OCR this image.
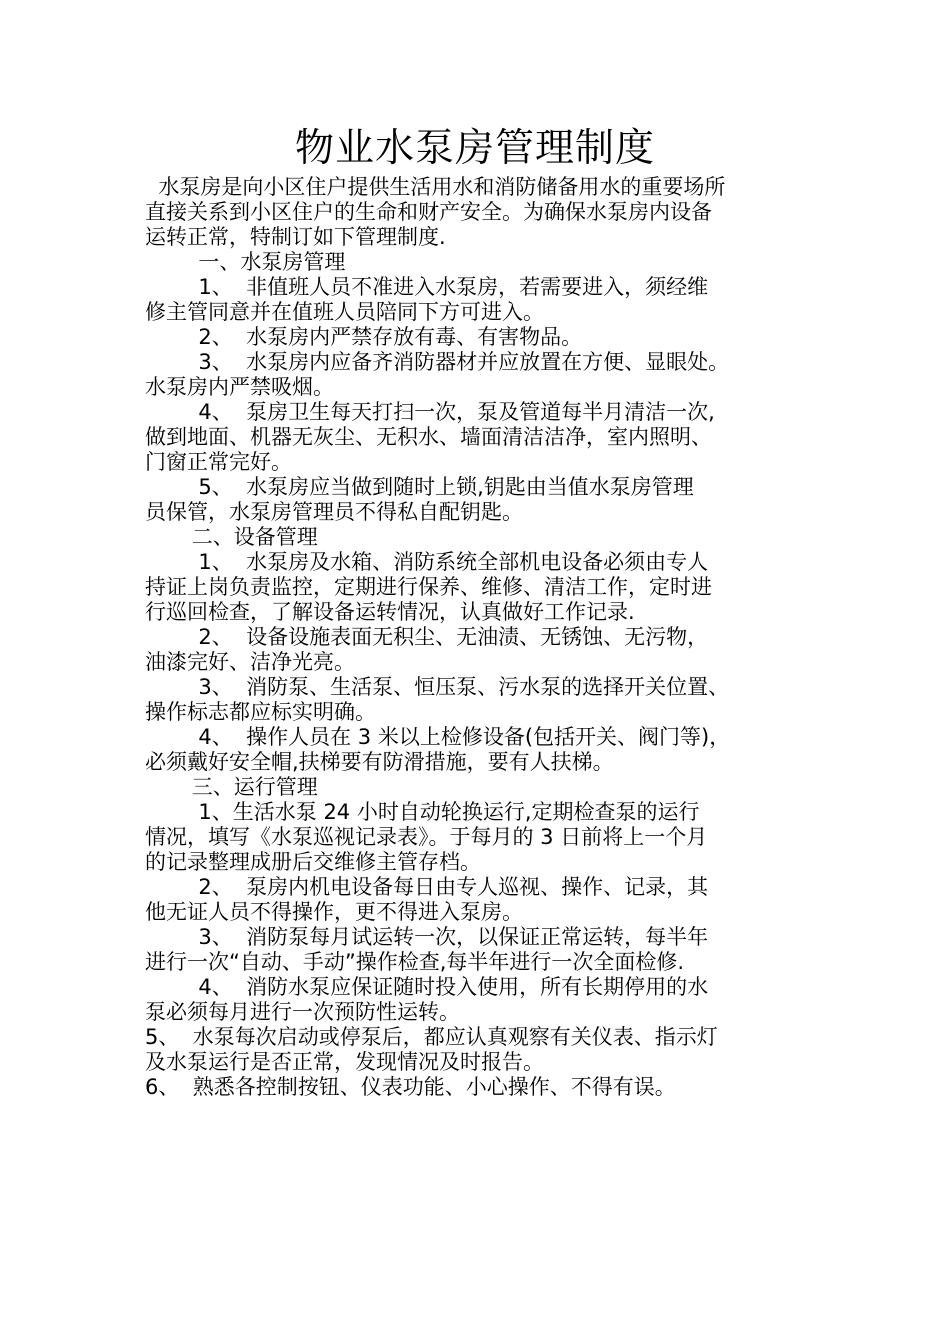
物业水泵房管理制度
水泵房是向小区住户提供生活用水和消防储备用水的重要场所
直接关系到小区住户的生命和财产安全。为确保水泵房内设备
运转正常，特制订如下管理制度.
一、水泵房管理
1、  非值班人员不准进入水泵房，若需要进入，须经维
修主管同意并在值班人员陪同下方可进入。
2、  水泵房内严禁存放有毒、有害物品。
3、  水泵房内应备齐消防器材并应放置在方便、显眼处。
水泵房内严禁吸烟。
4、  泵房卫生每天打扫一次，泵及管道每半月清洁一次,
做到地面、机器无灰尘、无积水、墙面清洁洁净，室内照明、
门窗正常完好。
5、  水泵房应当做到随时上锁,钥匙由当值水泵房管理
员保管，水泵房管理员不得私自配钥匙。
二、设备管理
1、  水泵房及水箱、消防系统全部机电设备必须由专人
持证上岗负责监控，定期进行保养、维修、清洁工作，定时进
行巡回检查，了解设备运转情况，认真做好工作记录.
2、  设备设施表面无积尘、无油渍、无锈蚀、无污物，
油漆完好、洁净光亮。
3、  消防泵、生活泵、恒压泵、污水泵的选择开关位置、
操作标志都应标实明确。
4、  操作人员在 3 米以上检修设备(包括开关、阀门等)，
必须戴好安全帽,扶梯要有防滑措施，要有人扶梯。
三、运行管理
1、生活水泵 24 小时自动轮换运行,定期检查泵的运行
情况，填写《水泵巡视记录表》。于每月的 3 日前将上一个月
的记录整理成册后交维修主管存档。
2、  泵房内机电设备每日由专人巡视、操作、记录，其
他无证人员不得操作，更不得进入泵房。
3、  消防泵每月试运转一次，以保证正常运转，每半年
进行一次“自动、手动”操作检查,每半年进行一次全面检修.
4、  消防水泵应保证随时投入使用，所有长期停用的水
泵必须每月进行一次预防性运转。
5、  水泵每次启动或停泵后，都应认真观察有关仪表、指示灯
及水泵运行是否正常，发现情况及时报告。
6、  熟悉各控制按钮、仪表功能、小心操作、不得有误。
